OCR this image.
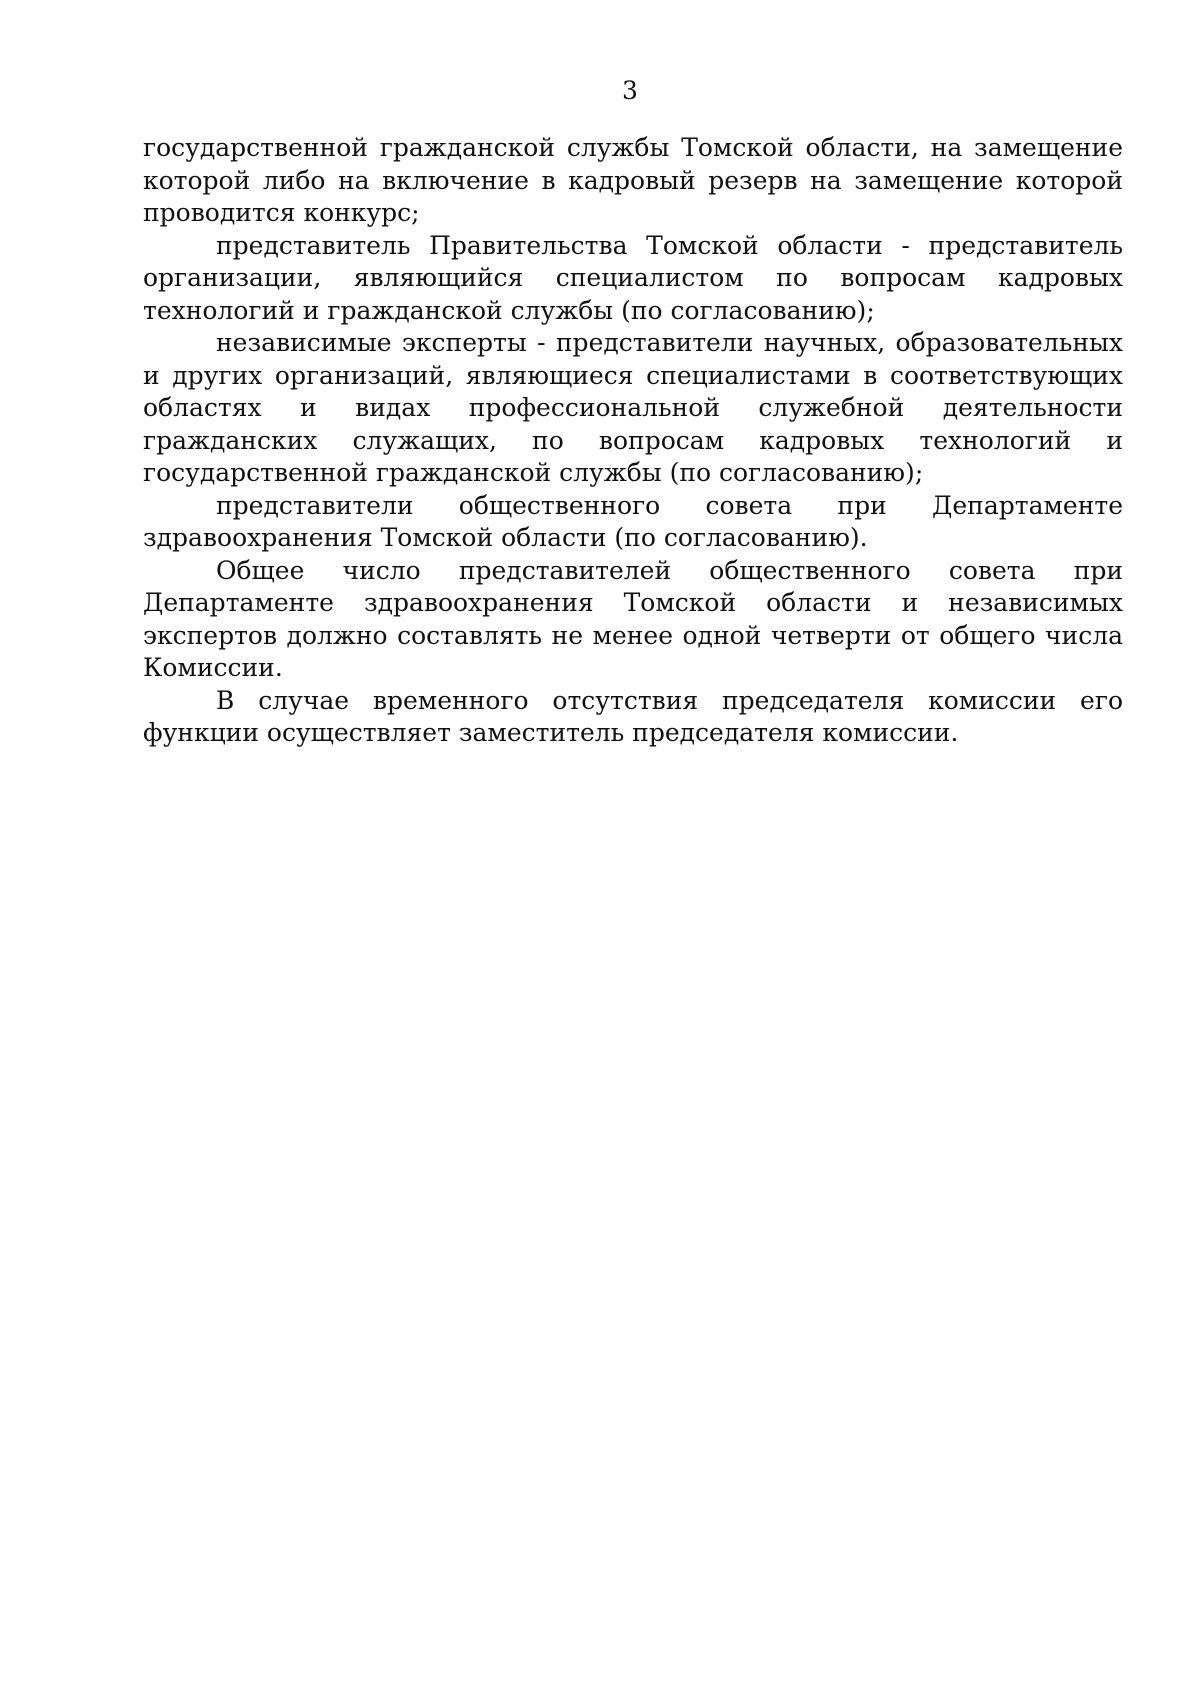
3

государственной гражданской службы Томской области, на замещение которой либо на включение в кадровый резерв на замещение которой проводится конкурс;

представитель Правительства Томской области - представитель организации, являющийся специалистом по вопросам кадровых технологий и гражданской службы (по согласованию);

независимые эксперты - представители научных, образовательных и других организаций, являющиеся специалистами в соответствующих областях и видах профессиональной служебной деятельности гражданских служащих, по вопросам кадровых технологий и государственной гражданской службы (по согласованию);

представители общественного совета при Департаменте здравоохранения Томской области (по согласованию).

Общее число представителей общественного совета при Департаменте здравоохранения Томской области и независимых экспертов должно составлять не менее одной четверти от общего числа Комиссии.

В случае временного отсутствия председателя комиссии его функции осуществляет заместитель председателя комиссии.
